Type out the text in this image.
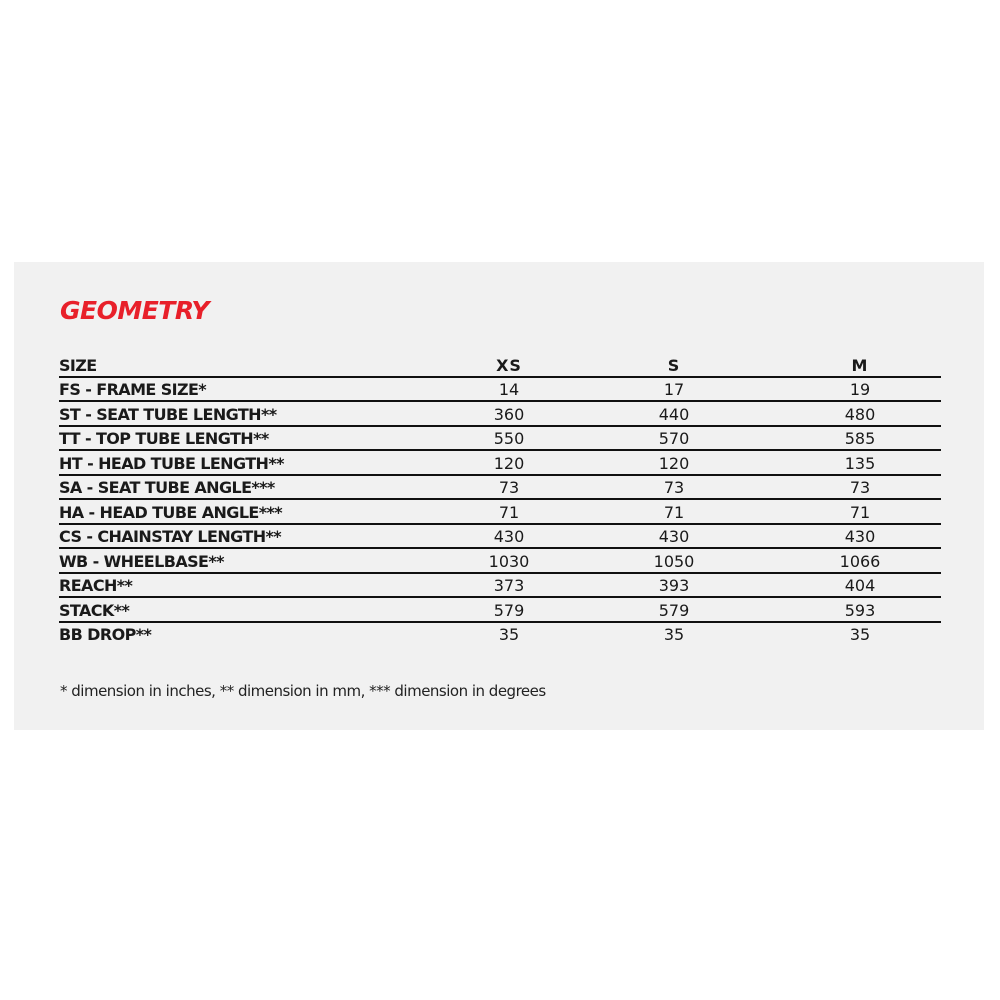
GEOMETRY
SIZE	XS	S	M
FS - FRAME SIZE*	14	17	19
ST - SEAT TUBE LENGTH**	360	440	480
TT - TOP TUBE LENGTH**	550	570	585
HT - HEAD TUBE LENGTH**	120	120	135
SA - SEAT TUBE ANGLE***	73	73	73
HA - HEAD TUBE ANGLE***	71	71	71
CS - CHAINSTAY LENGTH**	430	430	430
WB - WHEELBASE**	1030	1050	1066
REACH**	373	393	404
STACK**	579	579	593
BB DROP**	35	35	35

* dimension in inches, ** dimension in mm, *** dimension in degrees
